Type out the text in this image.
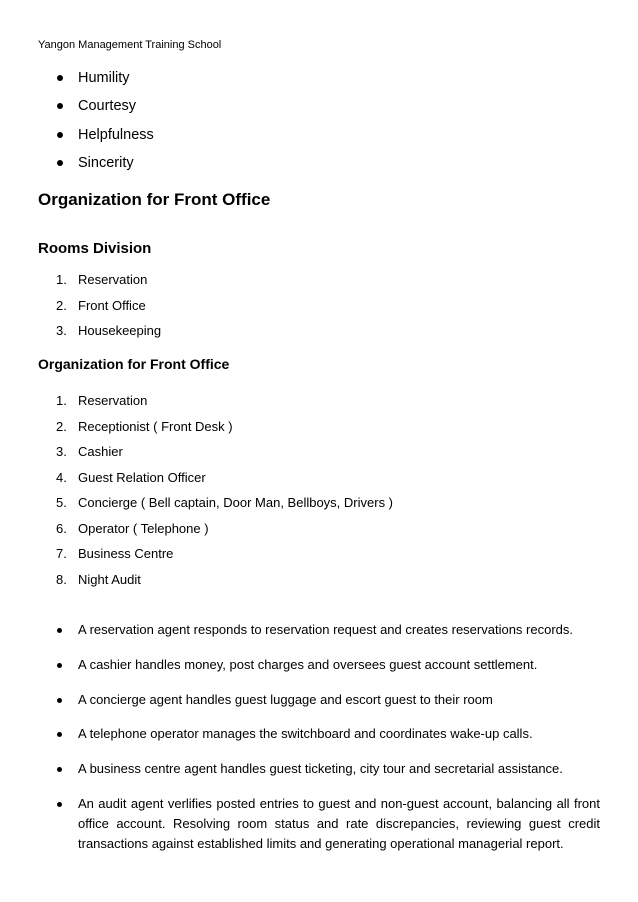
Yangon Management Training School
Humility
Courtesy
Helpfulness
Sincerity
Organization for Front Office
Rooms Division
1. Reservation
2. Front Office
3. Housekeeping
Organization for Front Office
1. Reservation
2. Receptionist ( Front Desk )
3. Cashier
4. Guest Relation Officer
5. Concierge ( Bell captain, Door Man, Bellboys, Drivers )
6. Operator ( Telephone )
7. Business Centre
8. Night Audit
A reservation agent responds to reservation request and creates reservations records.
A cashier handles money, post charges and oversees guest account settlement.
A concierge agent handles guest luggage and escort guest to their room
A telephone operator manages the switchboard and coordinates wake-up calls.
A business centre agent handles guest ticketing, city tour and secretarial assistance.
An audit agent verlifies posted entries to guest and non-guest account, balancing all front office account. Resolving room status and rate discrepancies, reviewing guest credit transactions against established limits and generating operational managerial report.
